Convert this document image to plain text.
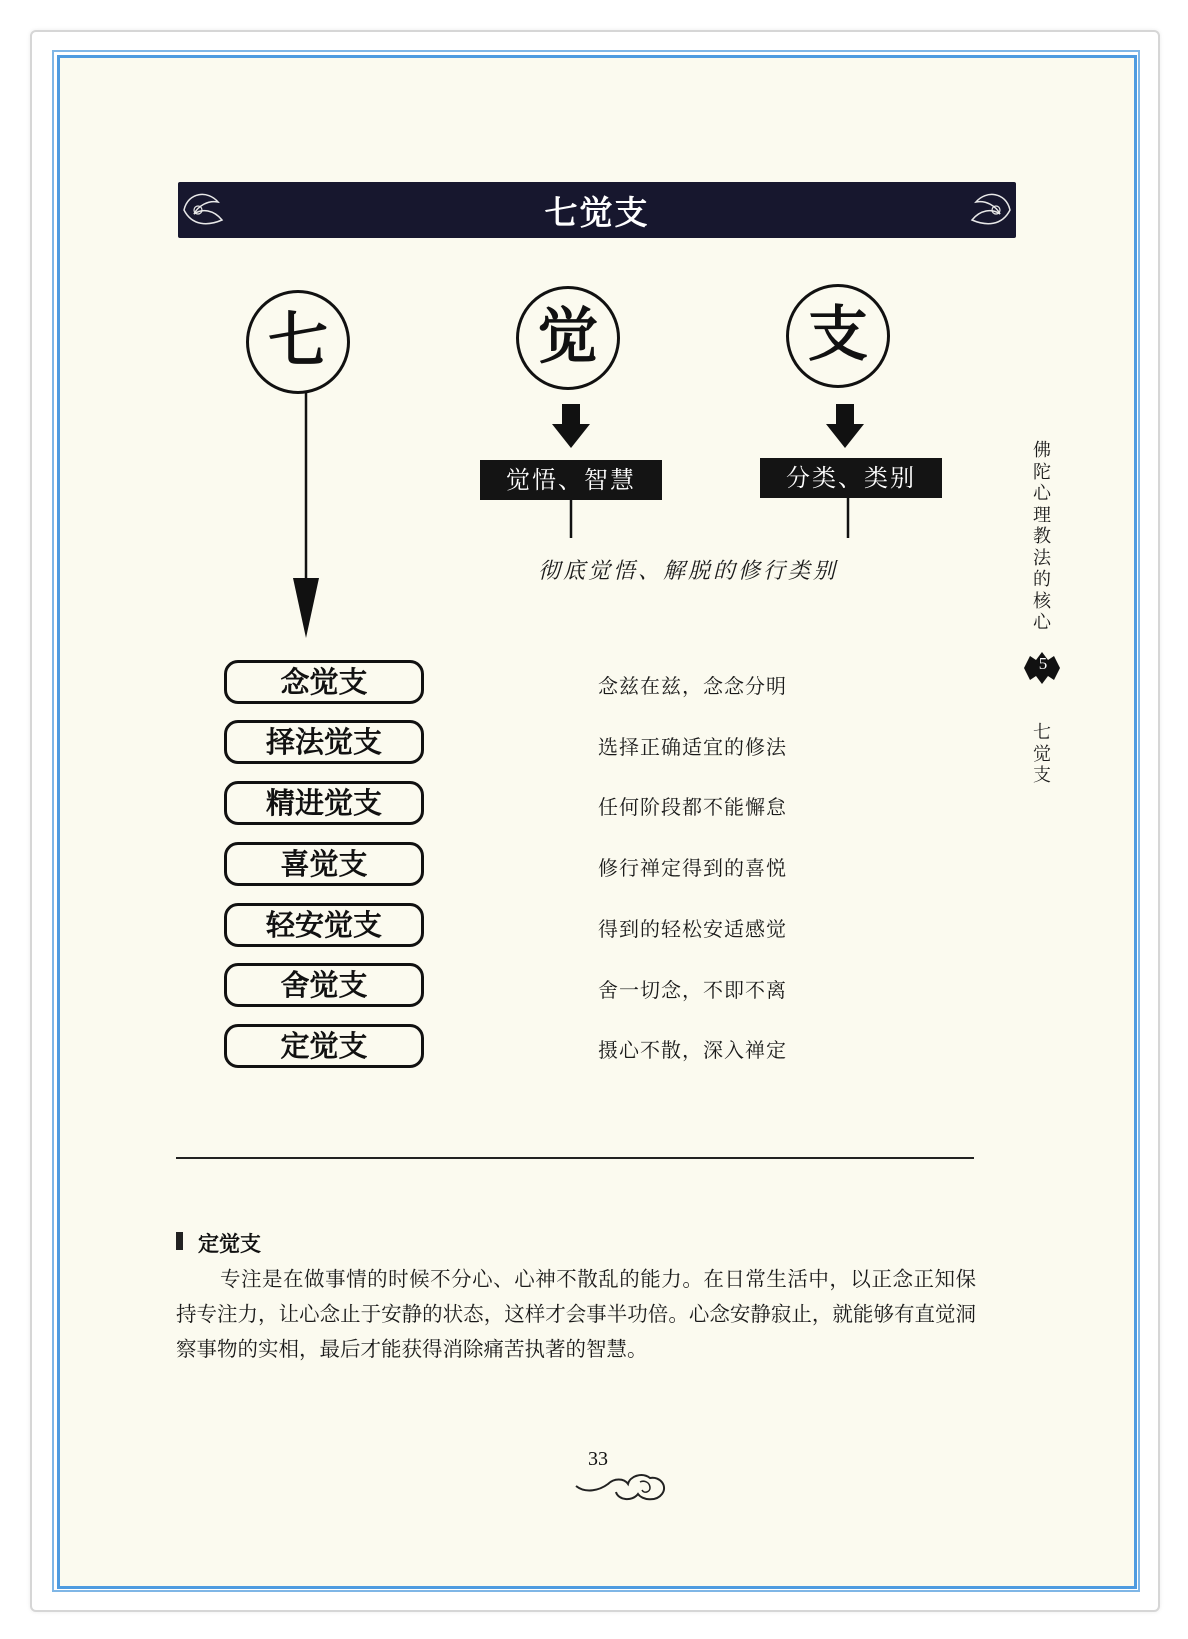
七觉支
七	觉	支
觉悟、智慧	分类、类别
彻底觉悟、解脱的修行类别
念觉支	念兹在兹，念念分明
择法觉支	选择正确适宜的修法
精进觉支	任何阶段都不能懈怠
喜觉支	修行禅定得到的喜悦
轻安觉支	得到的轻松安适感觉
舍觉支	舍一切念，不即不离
定觉支	摄心不散，深入禅定
佛陀心理教法的核心
5
七觉支
定觉支
专注是在做事情的时候不分心、心神不散乱的能力。在日常生活中，以正念正知保持专注力，让心念止于安静的状态，这样才会事半功倍。心念安静寂止，就能够有直觉洞察事物的实相，最后才能获得消除痛苦执著的智慧。
33
